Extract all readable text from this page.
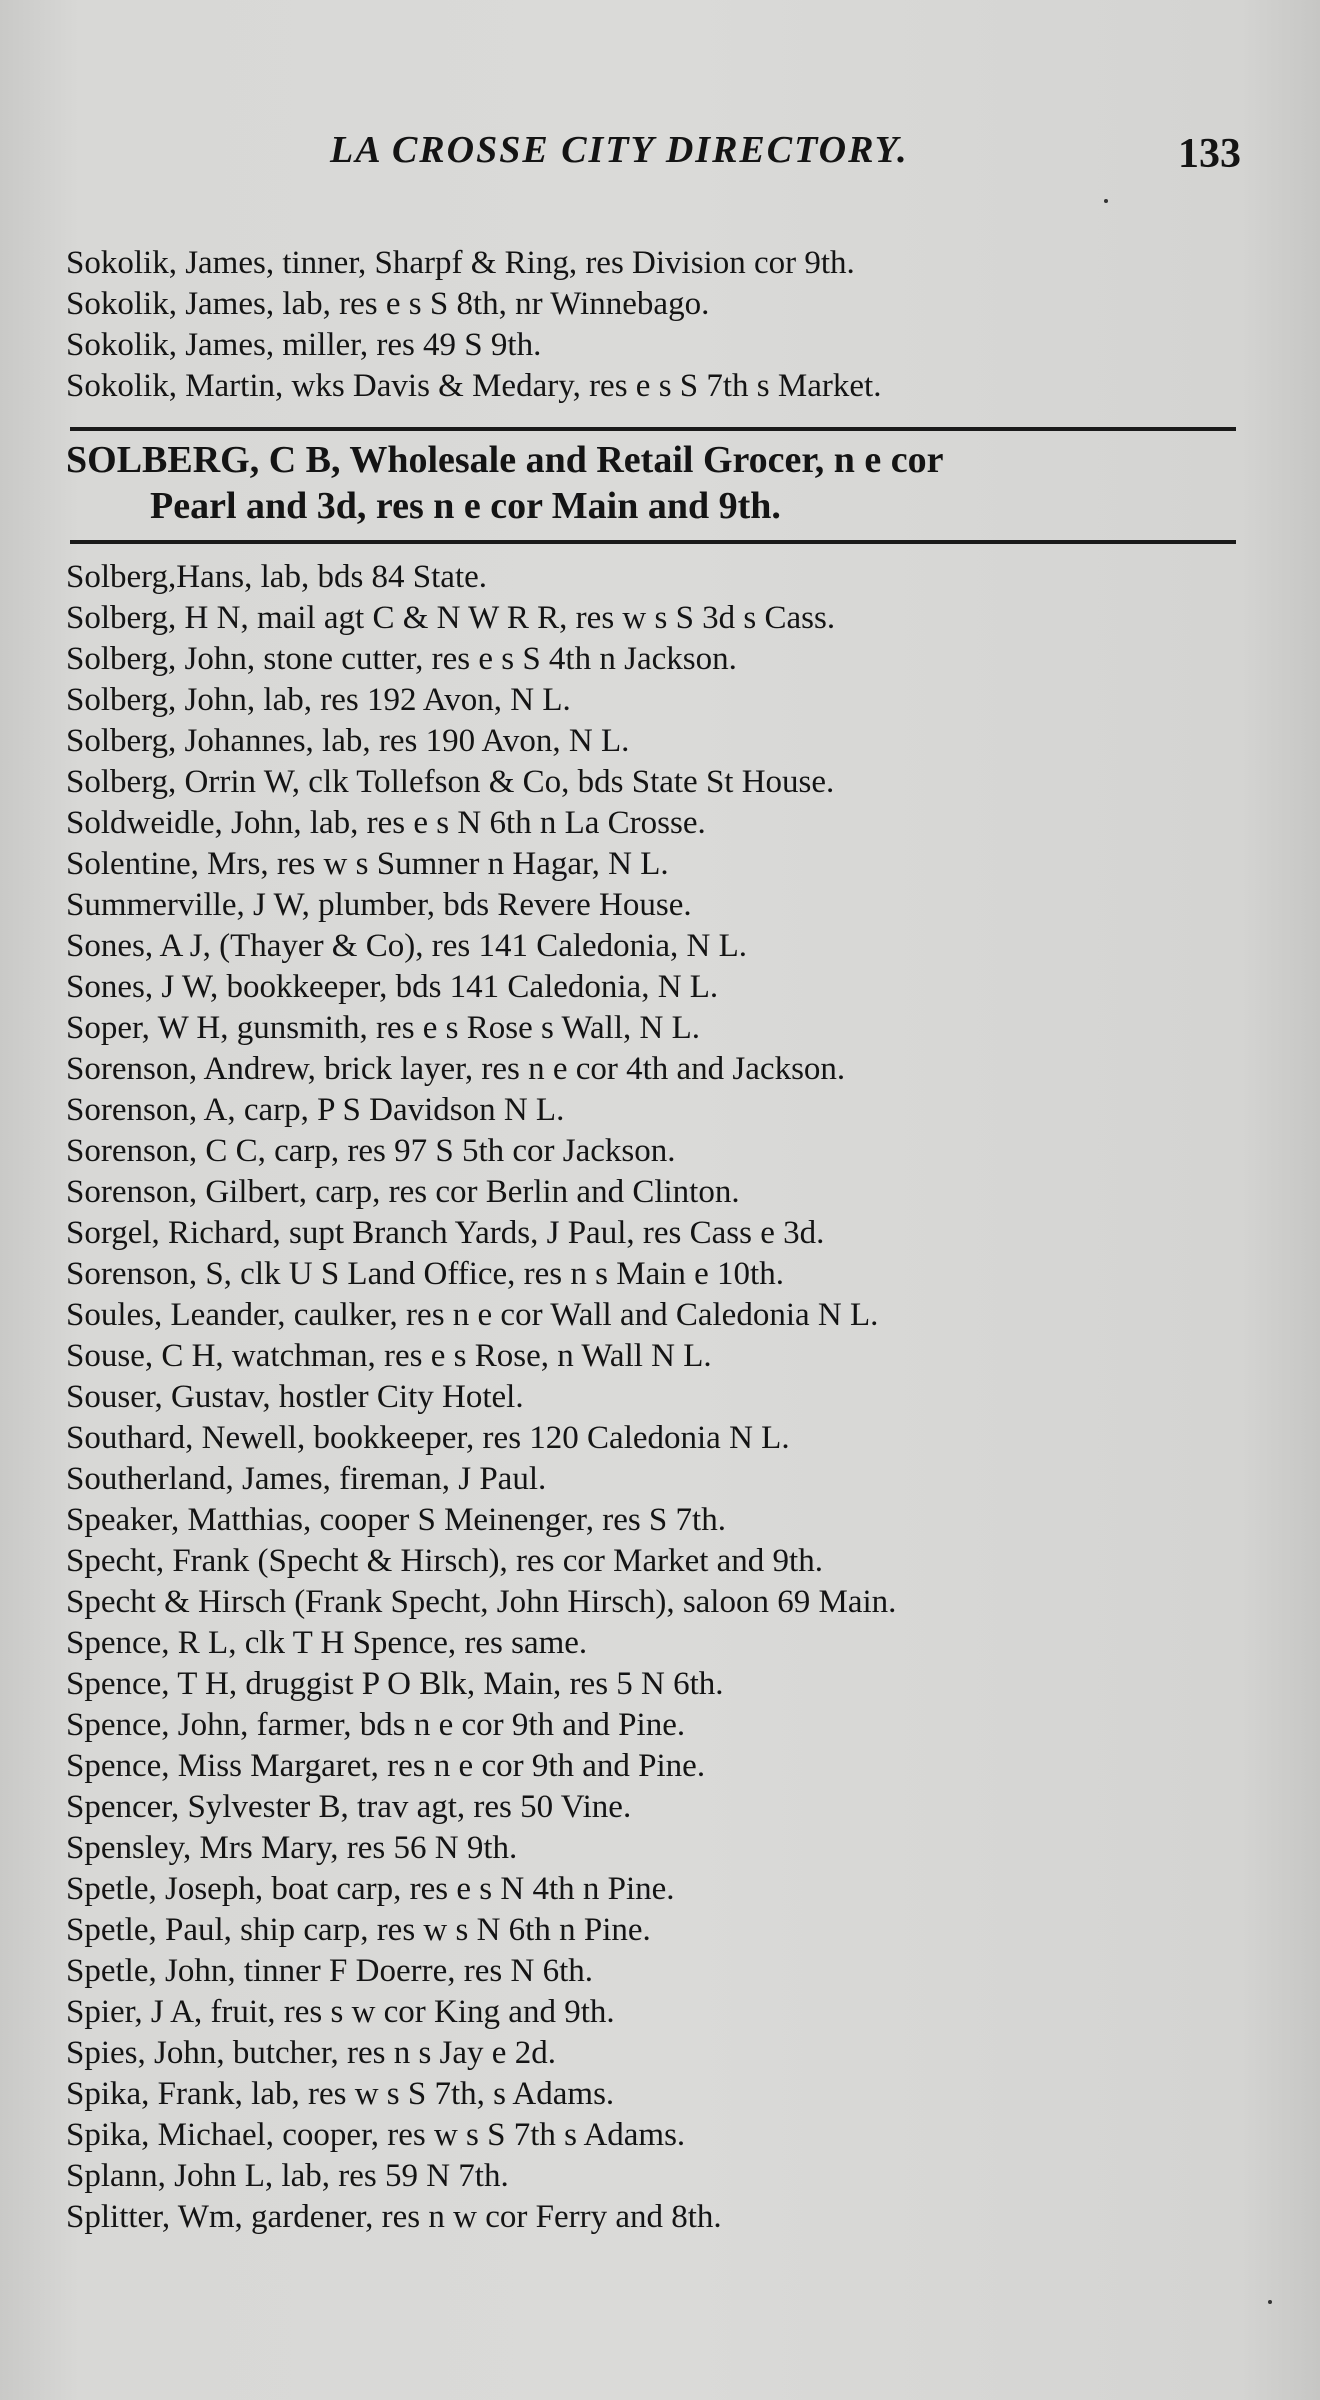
LA CROSSE CITY DIRECTORY.	133
Sokolik, James, tinner, Sharpf & Ring, res Division cor 9th.
Sokolik, James, lab, res e s S 8th, nr Winnebago.
Sokolik, James, miller, res 49 S 9th.
Sokolik, Martin, wks Davis & Medary, res e s S 7th s Market.
SOLBERG, C B, Wholesale and Retail Grocer, n e cor
Pearl and 3d, res n e cor Main and 9th.
Solberg,Hans, lab, bds 84 State.
Solberg, H N, mail agt C & N W R R, res w s S 3d s Cass.
Solberg, John, stone cutter, res e s S 4th n Jackson.
Solberg, John, lab, res 192 Avon, N L.
Solberg, Johannes, lab, res 190 Avon, N L.
Solberg, Orrin W, clk Tollefson & Co, bds State St House.
Soldweidle, John, lab, res e s N 6th n La Crosse.
Solentine, Mrs, res w s Sumner n Hagar, N L.
Summerville, J W, plumber, bds Revere House.
Sones, A J, (Thayer & Co), res 141 Caledonia, N L.
Sones, J W, bookkeeper, bds 141 Caledonia, N L.
Soper, W H, gunsmith, res e s Rose s Wall, N L.
Sorenson, Andrew, brick layer, res n e cor 4th and Jackson.
Sorenson, A, carp, P S Davidson N L.
Sorenson, C C, carp, res 97 S 5th cor Jackson.
Sorenson, Gilbert, carp, res cor Berlin and Clinton.
Sorgel, Richard, supt Branch Yards, J Paul, res Cass e 3d.
Sorenson, S, clk U S Land Office, res n s Main e 10th.
Soules, Leander, caulker, res n e cor Wall and Caledonia N L.
Souse, C H, watchman, res e s Rose, n Wall N L.
Souser, Gustav, hostler City Hotel.
Southard, Newell, bookkeeper, res 120 Caledonia N L.
Southerland, James, fireman, J Paul.
Speaker, Matthias, cooper S Meinenger, res S 7th.
Specht, Frank (Specht & Hirsch), res cor Market and 9th.
Specht & Hirsch (Frank Specht, John Hirsch), saloon 69 Main.
Spence, R L, clk T H Spence, res same.
Spence, T H, druggist P O Blk, Main, res 5 N 6th.
Spence, John, farmer, bds n e cor 9th and Pine.
Spence, Miss Margaret, res n e cor 9th and Pine.
Spencer, Sylvester B, trav agt, res 50 Vine.
Spensley, Mrs Mary, res 56 N 9th.
Spetle, Joseph, boat carp, res e s N 4th n Pine.
Spetle, Paul, ship carp, res w s N 6th n Pine.
Spetle, John, tinner F Doerre, res N 6th.
Spier, J A, fruit, res s w cor King and 9th.
Spies, John, butcher, res n s Jay e 2d.
Spika, Frank, lab, res w s S 7th, s Adams.
Spika, Michael, cooper, res w s S 7th s Adams.
Splann, John L, lab, res 59 N 7th.
Splitter, Wm, gardener, res n w cor Ferry and 8th.
